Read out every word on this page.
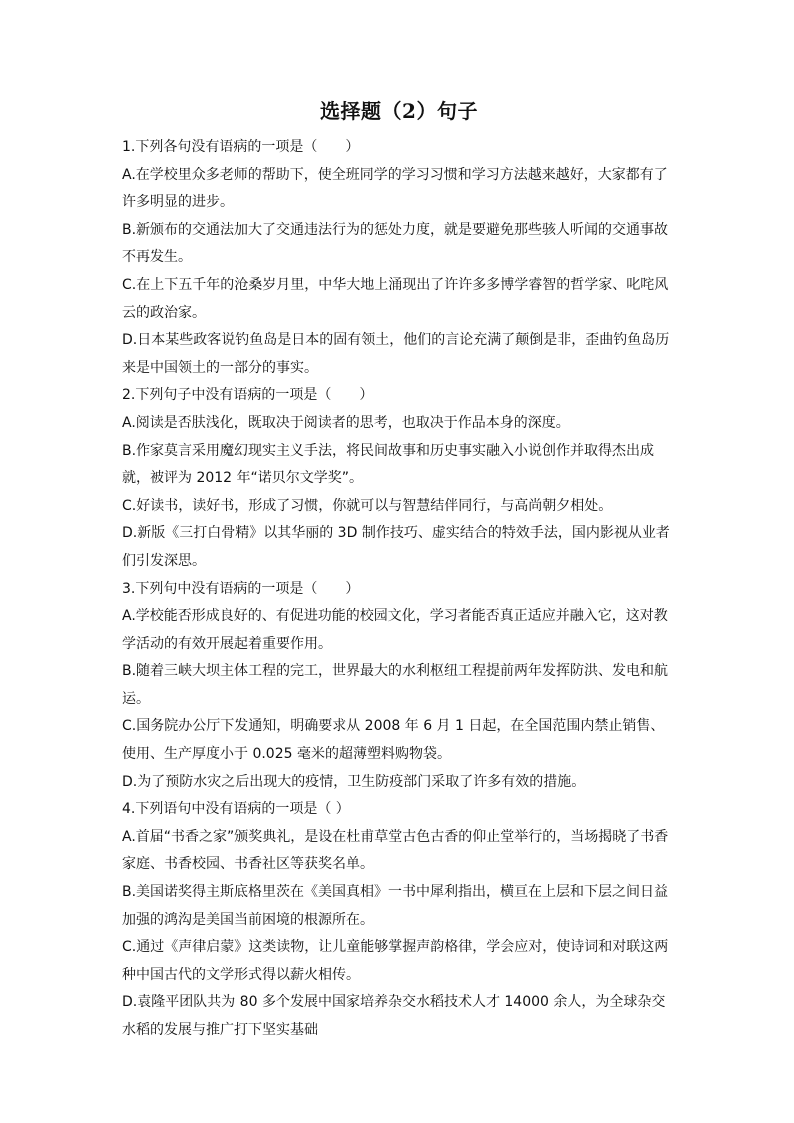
选择题（2）句子

1.下列各句没有语病的一项是（　　）

A.在学校里众多老师的帮助下，使全班同学的学习习惯和学习方法越来越好，大家都有了许多明显的进步。

B.新颁布的交通法加大了交通违法行为的惩处力度，就是要避免那些骇人听闻的交通事故不再发生。

C.在上下五千年的沧桑岁月里，中华大地上涌现出了许许多多博学睿智的哲学家、叱咤风云的政治家。

D.日本某些政客说钓鱼岛是日本的固有领土，他们的言论充满了颠倒是非，歪曲钓鱼岛历来是中国领土的一部分的事实。

2.下列句子中没有语病的一项是（　　）

A.阅读是否肤浅化，既取决于阅读者的思考，也取决于作品本身的深度。

B.作家莫言采用魔幻现实主义手法，将民间故事和历史事实融入小说创作并取得杰出成就，被评为 2012 年“诺贝尔文学奖”。

C.好读书，读好书，形成了习惯，你就可以与智慧结伴同行，与高尚朝夕相处。

D.新版《三打白骨精》以其华丽的 3D 制作技巧、虚实结合的特效手法，国内影视从业者们引发深思。

3.下列句中没有语病的一项是（　　）

A.学校能否形成良好的、有促进功能的校园文化，学习者能否真正适应并融入它，这对教学活动的有效开展起着重要作用。

B.随着三峡大坝主体工程的完工，世界最大的水利枢纽工程提前两年发挥防洪、发电和航运。

C.国务院办公厅下发通知，明确要求从 2008 年 6 月 1 日起，在全国范围内禁止销售、使用、生产厚度小于 0.025 毫米的超薄塑料购物袋。

D.为了预防水灾之后出现大的疫情，卫生防疫部门采取了许多有效的措施。

4.下列语句中没有语病的一项是（ ）

A.首届“书香之家”颁奖典礼，是设在杜甫草堂古色古香的仰止堂举行的，当场揭晓了书香家庭、书香校园、书香社区等获奖名单。

B.美国诺奖得主斯底格里茨在《美国真相》一书中犀利指出，横亘在上层和下层之间日益加强的鸿沟是美国当前困境的根源所在。

C.通过《声律启蒙》这类读物，让儿童能够掌握声韵格律，学会应对，使诗词和对联这两种中国古代的文学形式得以薪火相传。

D.袁隆平团队共为 80 多个发展中国家培养杂交水稻技术人才 14000 余人，为全球杂交水稻的发展与推广打下坚实基础
